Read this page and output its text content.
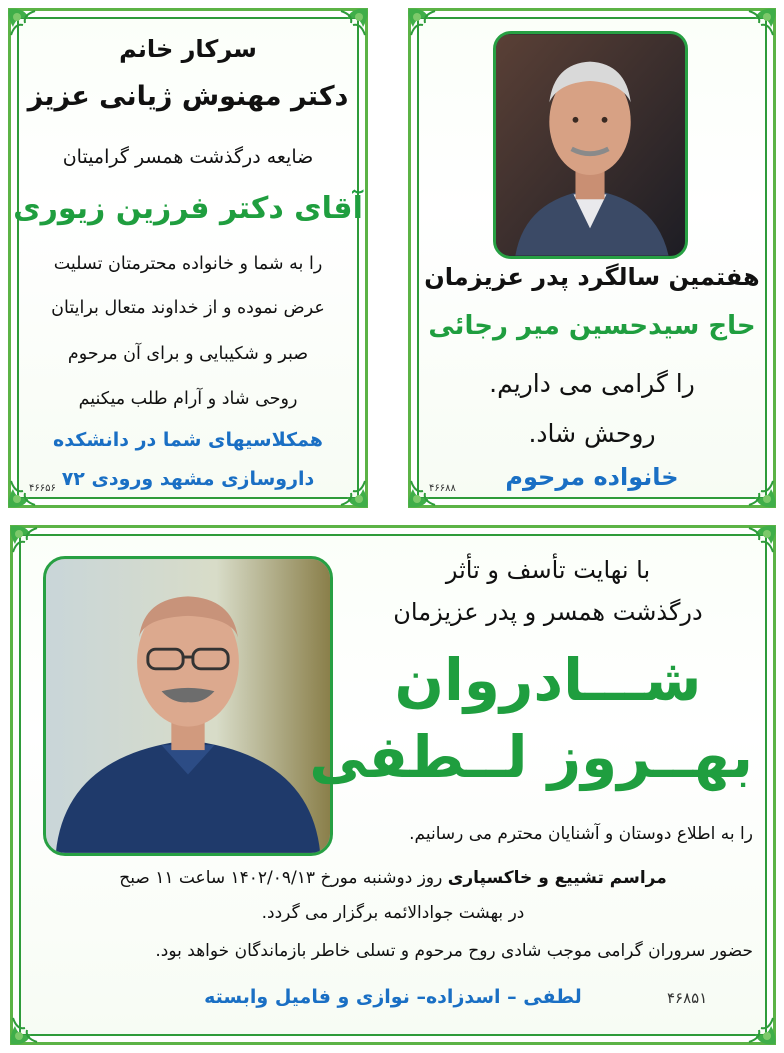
سرکار خانم
دکتر مهنوش ژیانی عزیز
ضایعه درگذشت همسر گرامیتان
آقای دکتر فرزین زیوری
را به شما و خانواده محترمتان تسلیت
عرض نموده و از خداوند متعال برایتان
صبر و شکیبایی و برای آن مرحوم
روحی شاد و آرام طلب میکنیم
همکلاسیهای شما در دانشکده
داروسازی مشهد ورودی ۷۲
۴۶۶۵۶
هفتمین سالگرد پدر عزیزمان
حاج سیدحسین میر رجائی
را گرامی می داریم.
روحش شاد.
خانواده مرحوم
۴۶۶۸۸
با نهایت تأسف و تأثر
درگذشت همسر و پدر عزیزمان
شـــادروان
بهــروز لــطفی
را به اطلاع دوستان و آشنایان محترم می رسانیم.
مراسم تشییع و خاکسپاری روز دوشنبه مورخ ۱۴۰۲/۰۹/۱۳ ساعت ۱۱ صبح
در بهشت جوادالائمه برگزار می گردد.
حضور سروران گرامی موجب شادی روح مرحوم و تسلی خاطر بازماندگان خواهد بود.
لطفی – اسدزاده– نوازی و فامیل وابسته	۴۶۸۵۱
